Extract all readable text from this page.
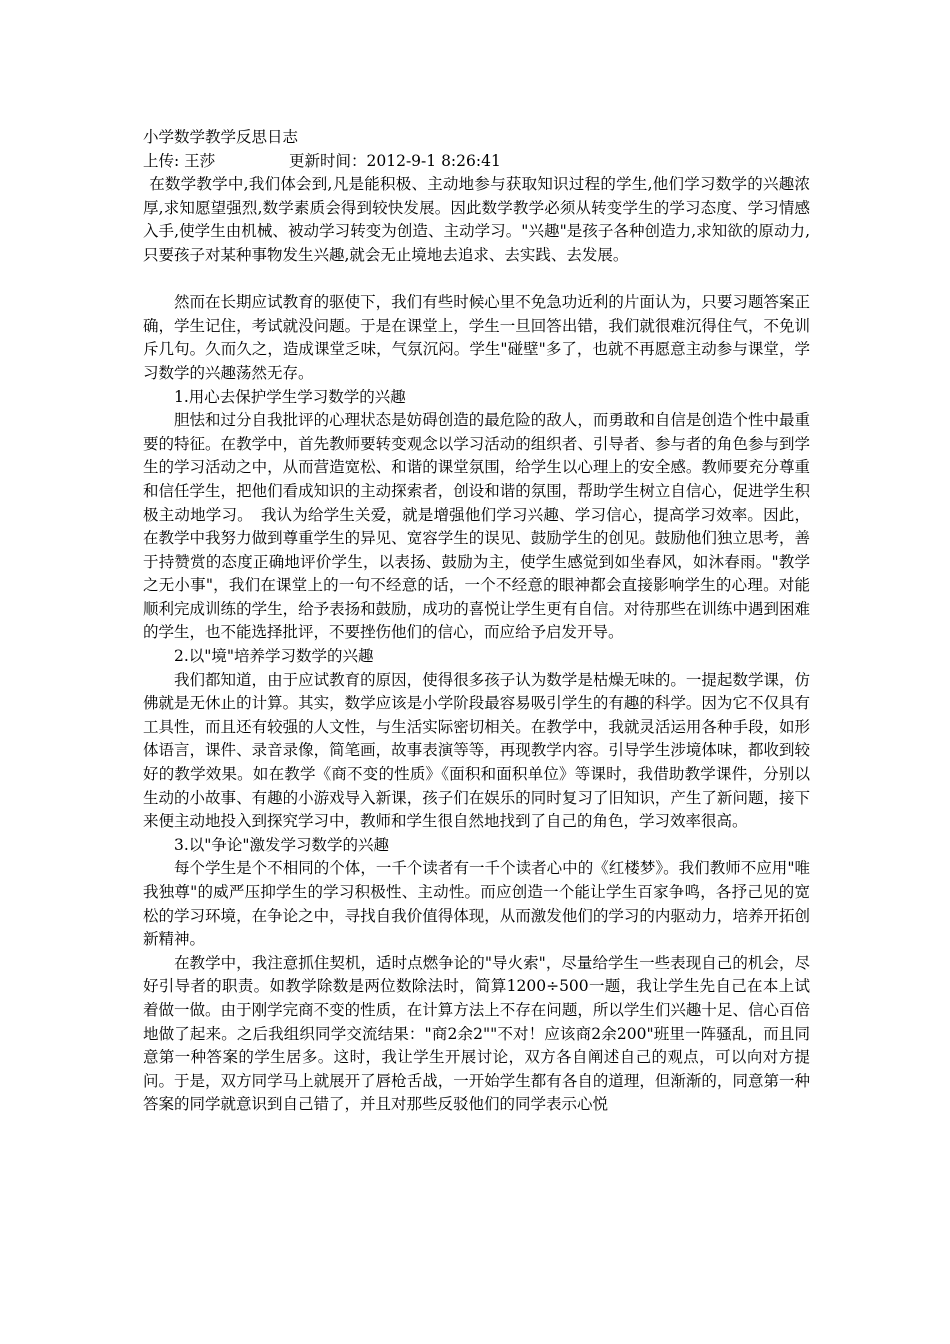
小学数学教学反思日志

上传: 王莎	更新时间：2012-9-1 8:26:41

在数学教学中,我们体会到,凡是能积极、主动地参与获取知识过程的学生,他们学习数学的兴趣浓厚,求知愿望强烈,数学素质会得到较快发展。因此数学教学必须从转变学生的学习态度、学习情感入手,使学生由机械、被动学习转变为创造、主动学习。"兴趣"是孩子各种创造力,求知欲的原动力,只要孩子对某种事物发生兴趣,就会无止境地去追求、去实践、去发展。

然而在长期应试教育的驱使下，我们有些时候心里不免急功近利的片面认为，只要习题答案正确，学生记住，考试就没问题。于是在课堂上，学生一旦回答出错，我们就很难沉得住气，不免训斥几句。久而久之，造成课堂乏味，气氛沉闷。学生"碰壁"多了，也就不再愿意主动参与课堂，学习数学的兴趣荡然无存。

1.用心去保护学生学习数学的兴趣

胆怯和过分自我批评的心理状态是妨碍创造的最危险的敌人，而勇敢和自信是创造个性中最重要的特征。在教学中，首先教师要转变观念以学习活动的组织者、引导者、参与者的角色参与到学生的学习活动之中，从而营造宽松、和谐的课堂氛围，给学生以心理上的安全感。教师要充分尊重和信任学生，把他们看成知识的主动探索者，创设和谐的氛围，帮助学生树立自信心，促进学生积极主动地学习。　我认为给学生关爱，就是增强他们学习兴趣、学习信心，提高学习效率。因此，在教学中我努力做到尊重学生的异见、宽容学生的误见、鼓励学生的创见。鼓励他们独立思考，善于持赞赏的态度正确地评价学生，以表扬、鼓励为主，使学生感觉到如坐春风，如沐春雨。"教学之无小事"，我们在课堂上的一句不经意的话，一个不经意的眼神都会直接影响学生的心理。对能顺利完成训练的学生，给予表扬和鼓励，成功的喜悦让学生更有自信。对待那些在训练中遇到困难的学生，也不能选择批评，不要挫伤他们的信心，而应给予启发开导。

2.以"境"培养学习数学的兴趣

我们都知道，由于应试教育的原因，使得很多孩子认为数学是枯燥无味的。一提起数学课，仿佛就是无休止的计算。其实，数学应该是小学阶段最容易吸引学生的有趣的科学。因为它不仅具有工具性，而且还有较强的人文性，与生活实际密切相关。在教学中，我就灵活运用各种手段，如形体语言，课件、录音录像，简笔画，故事表演等等，再现教学内容。引导学生涉境体味，都收到较好的教学效果。如在教学《商不变的性质》《面积和面积单位》等课时，我借助教学课件，分别以生动的小故事、有趣的小游戏导入新课，孩子们在娱乐的同时复习了旧知识，产生了新问题，接下来便主动地投入到探究学习中，教师和学生很自然地找到了自己的角色，学习效率很高。

3.以"争论"激发学习数学的兴趣

每个学生是个不相同的个体，一千个读者有一千个读者心中的《红楼梦》。我们教师不应用"唯我独尊"的威严压抑学生的学习积极性、主动性。而应创造一个能让学生百家争鸣，各抒己见的宽松的学习环境，在争论之中，寻找自我价值得体现，从而激发他们的学习的内驱动力，培养开拓创新精神。

在教学中，我注意抓住契机，适时点燃争论的"导火索"，尽量给学生一些表现自己的机会，尽好引导者的职责。如教学除数是两位数除法时，简算1200÷500一题，我让学生先自己在本上试着做一做。由于刚学完商不变的性质，在计算方法上不存在问题，所以学生们兴趣十足、信心百倍地做了起来。之后我组织同学交流结果："商2余2""不对！应该商2余200"班里一阵骚乱，而且同意第一种答案的学生居多。这时，我让学生开展讨论，双方各自阐述自己的观点，可以向对方提问。于是，双方同学马上就展开了唇枪舌战，一开始学生都有各自的道理，但渐渐的，同意第一种答案的同学就意识到自己错了，并且对那些反驳他们的同学表示心悦
